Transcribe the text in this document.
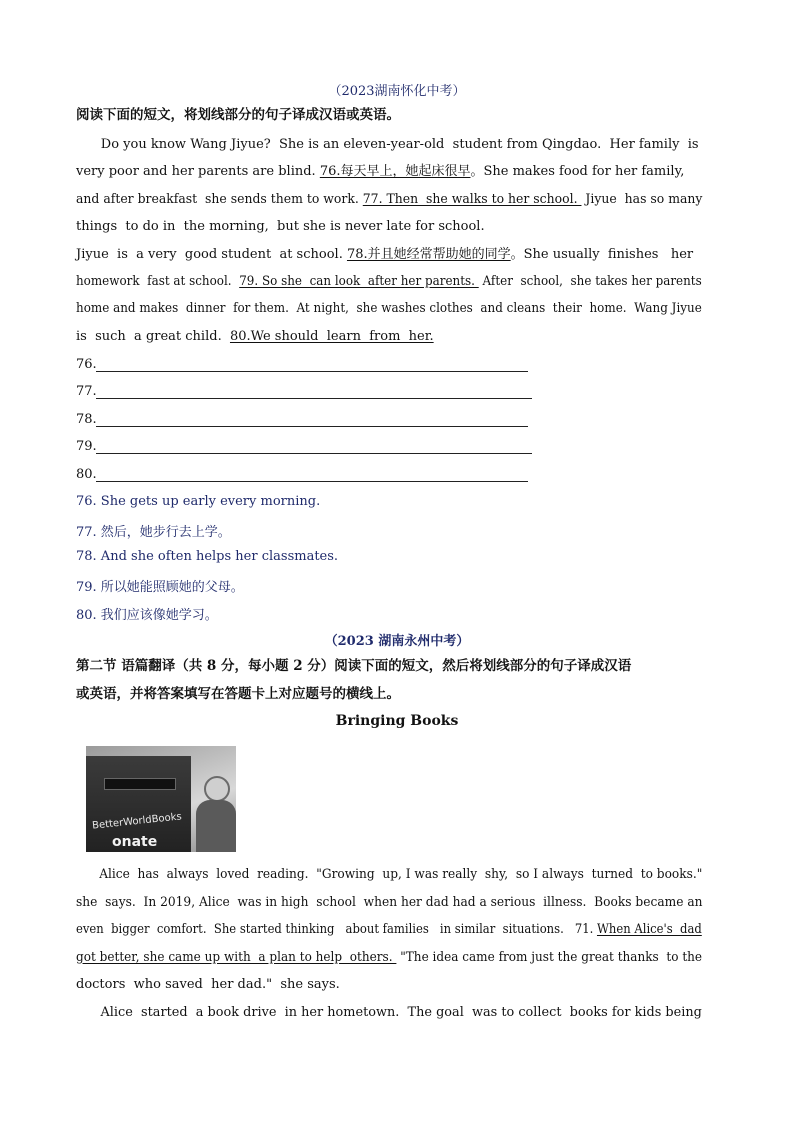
（2023湖南怀化中考）
阅读下面的短文，将划线部分的句子译成汉语或英语。
Do you know Wang Jiyue?  She is an eleven-year-old  student from Qingdao.  Her family  is
very poor and her parents are blind. 76.每天早上，她起床很早。She makes food for her family,
and after breakfast  she sends them to work. 77. Then  she walks to her school.  Jiyue  has so many
things  to do in  the morning,  but she is never late for school.
Jiyue  is  a very  good student  at school. 78.并且她经常帮助她的同学。She usually  finishes   her
homework  fast at school.  79. So she  can look  after her parents.  After  school,  she takes her parents
home and makes  dinner  for them.  At night,  she washes clothes  and cleans  their  home.  Wang Jiyue
is  such  a great child.  80.We should  learn  from  her.
76.
77.
78.
79.
80.
76. She gets up early every morning.
77. 然后，她步行去上学。
78. And she often helps her classmates.
79. 所以她能照顾她的父母。
80. 我们应该像她学习。
（2023 湖南永州中考）
第二节 语篇翻译（共 8 分，每小题 2 分）阅读下面的短文，然后将划线部分的句子译成汉语
或英语，并将答案填写在答题卡上对应题号的横线上。
Bringing Books
BetterWorldBooks
onate
Alice  has  always  loved  reading.  "Growing  up, I was really  shy,  so I always  turned  to books."
she  says.  In 2019, Alice  was in high  school  when her dad had a serious  illness.  Books became an
even  bigger  comfort.  She started thinking   about families   in similar  situations.   71. When Alice's  dad
got better, she came up with  a plan to help  others.  "The idea came from just the great thanks  to the
doctors  who saved  her dad."  she says.
Alice  started  a book drive  in her hometown.  The goal  was to collect  books for kids being
